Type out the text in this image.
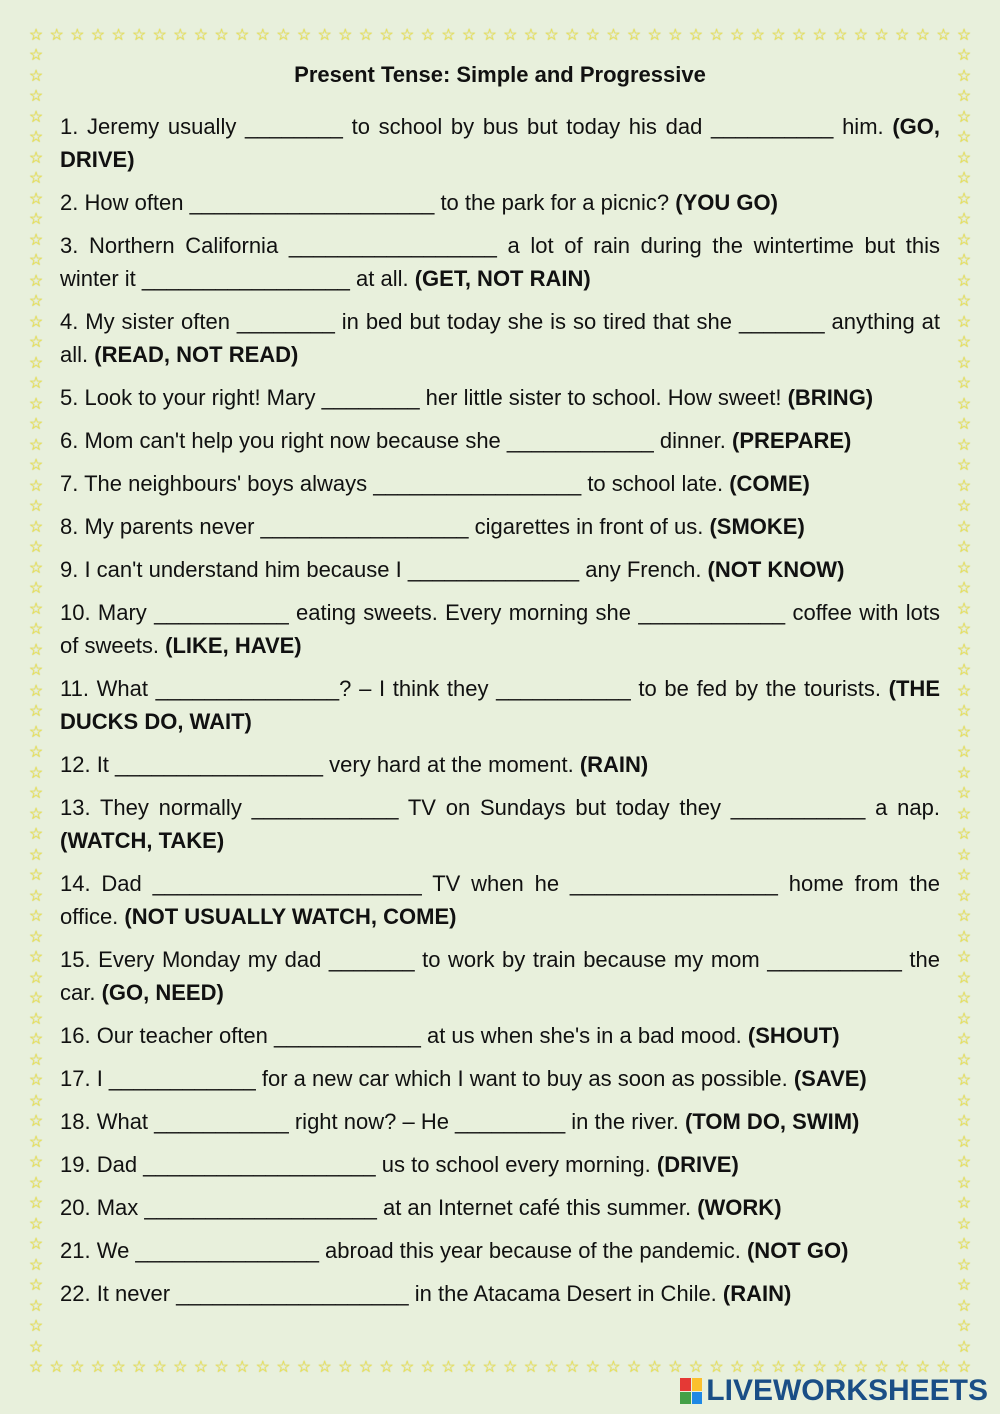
☆
☆
☆
☆
☆
☆
☆
☆
☆
☆
☆
☆
☆
☆
☆
☆
☆
☆
☆
☆
☆
☆
☆
☆
☆
☆
☆
☆
☆
☆
☆
☆
☆
☆
☆
☆
☆
☆
☆
☆
☆
☆
☆
☆
☆
☆
☆
☆
☆
☆
☆
☆
☆
☆
☆
☆
☆
☆
☆
☆
☆
☆
☆
☆
☆
☆
☆
☆
☆
☆
☆
☆
☆
☆
☆
☆
☆
☆
☆
☆
☆
☆
☆
☆
☆
☆
☆
☆
☆
☆
☆
☆
☆	☆
☆	☆
☆	☆
☆	☆
☆	☆
☆	☆
☆	☆
☆	☆
☆	☆
☆	☆
☆	☆
☆	☆
☆	☆
☆	☆
☆	☆
☆	☆
☆	☆
☆	☆
☆	☆
☆	☆
☆	☆
☆	☆
☆	☆
☆	☆
☆	☆
☆	☆
☆	☆
☆	☆
☆	☆
☆	☆
☆	☆
☆	☆
☆	☆
☆	☆
☆	☆
☆	☆
☆	☆
☆	☆
☆	☆
☆	☆
☆	☆
☆	☆
☆	☆
☆	☆
☆	☆
☆	☆
☆	☆
☆	☆
☆	☆
☆	☆
☆	☆
☆	☆
☆	☆
☆	☆
☆	☆
☆	☆
☆	☆
☆	☆
☆	☆
☆	☆
☆	☆
☆	☆
☆	☆
☆	☆
Present Tense: Simple and Progressive
1. Jeremy usually ________ to school by bus but today his dad __________ him. (GO, DRIVE)
2. How often ____________________ to the park for a picnic? (YOU GO)
3. Northern California _________________ a lot of rain during the wintertime but this winter it _________________ at all. (GET, NOT RAIN)
4. My sister often ________ in bed but today she is so tired that she _______ anything at all. (READ, NOT READ)
5. Look to your right! Mary ________ her little sister to school. How sweet! (BRING)
6. Mom can't help you right now because she ____________ dinner. (PREPARE)
7. The neighbours' boys always _________________ to school late. (COME)
8. My parents never _________________ cigarettes in front of us. (SMOKE)
9. I can't understand him because I ______________ any French. (NOT KNOW)
10. Mary ___________ eating sweets. Every morning she ____________ coffee with lots of sweets. (LIKE, HAVE)
11. What _______________? – I think they ___________ to be fed by the tourists. (THE DUCKS DO, WAIT)
12. It _________________ very hard at the moment. (RAIN)
13. They normally ____________ TV on Sundays but today they ___________ a nap. (WATCH, TAKE)
14. Dad ______________________ TV when he _________________ home from the office. (NOT USUALLY WATCH, COME)
15. Every Monday my dad _______ to work by train because my mom ___________ the car. (GO, NEED)
16. Our teacher often ____________ at us when she's in a bad mood. (SHOUT)
17. I ____________ for a new car which I want to buy as soon as possible. (SAVE)
18. What ___________ right now? – He _________ in the river. (TOM DO, SWIM)
19. Dad ___________________ us to school every morning. (DRIVE)
20. Max ___________________ at an Internet café this summer. (WORK)
21. We _______________ abroad this year because of the pandemic. (NOT GO)
22. It never ___________________ in the Atacama Desert in Chile. (RAIN)
LIVEWORKSHEETS
